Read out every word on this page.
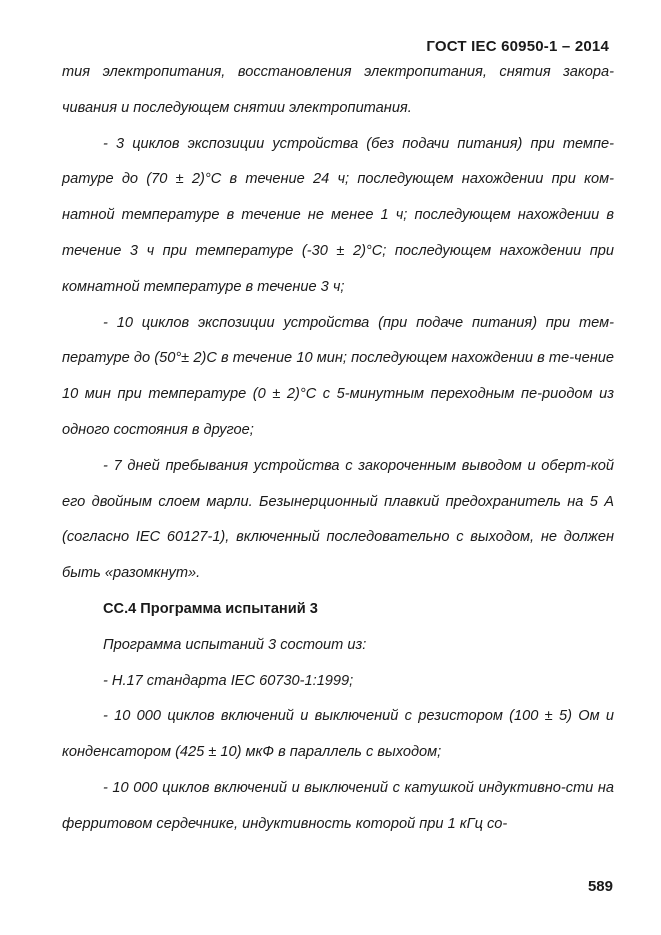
ГОСТ IEC 60950-1 – 2014

тия электропитания, восстановления электропитания, снятия закора-чивания и последующем снятии электропитания.

- 3 циклов экспозиции устройства (без подачи питания) при темпе-ратуре до (70 ± 2)°С в течение 24 ч; последующем нахождении при ком-натной температуре в течение не менее 1 ч; последующем нахождении в течение 3 ч при температуре (-30 ± 2)°С; последующем нахождении при комнатной температуре в течение 3 ч;

- 10 циклов экспозиции устройства (при подаче питания) при тем-пературе до (50°± 2)С в течение 10 мин; последующем нахождении в те-чение 10 мин при температуре (0 ± 2)°С с 5-минутным переходным пе-риодом из одного состояния в другое;

- 7 дней пребывания устройства с закороченным выводом и оберт-кой его двойным слоем марли. Безынерционный плавкий предохранитель на 5 А (согласно IEC 60127-1), включенный последовательно с выходом, не должен быть «разомкнут».

СС.4 Программа испытаний 3

Программа испытаний 3 состоит из:

- Н.17 стандарта IEC 60730-1:1999;

- 10 000 циклов включений и выключений с резистором (100 ± 5) Ом и конденсатором (425 ± 10) мкФ в параллель с выходом;

- 10 000 циклов включений и выключений с катушкой индуктивно-сти на ферритовом сердечнике, индуктивность которой при 1 кГц со-

589
